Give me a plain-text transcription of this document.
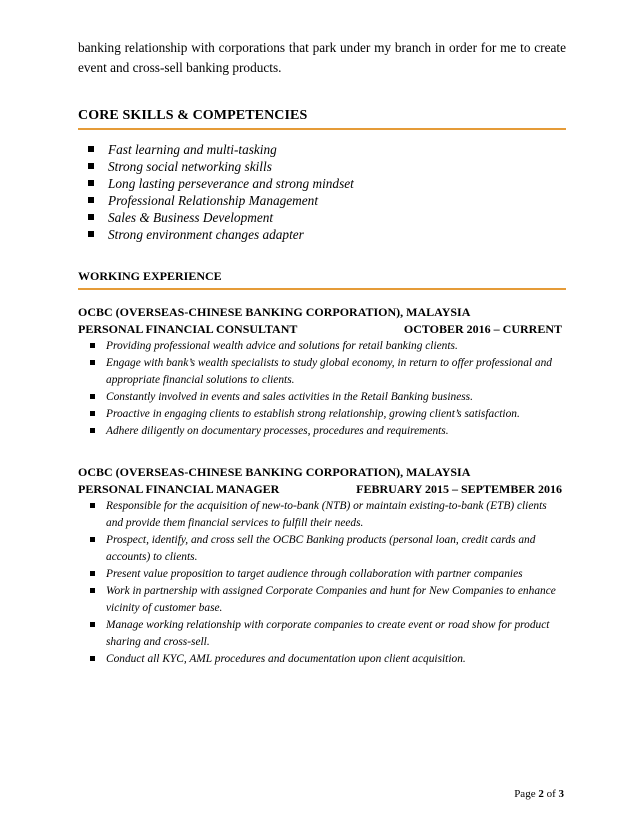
banking relationship with corporations that park under my branch in order for me to create event and cross-sell banking products.

CORE SKILLS & COMPETENCIES
Fast learning and multi-tasking
Strong social networking skills
Long lasting perseverance and strong mindset
Professional Relationship Management
Sales & Business Development
Strong environment changes adapter
WORKING EXPERIENCE

OCBC (OVERSEAS-CHINESE BANKING CORPORATION), MALAYSIA

PERSONAL FINANCIAL CONSULTANT	OCTOBER 2016 – CURRENT

Providing professional wealth advice and solutions for retail banking clients.
Engage with bank’s wealth specialists to study global economy, in return to offer professional and appropriate financial solutions to clients.
Constantly involved in events and sales activities in the Retail Banking business.
Proactive in engaging clients to establish strong relationship, growing client’s satisfaction.
Adhere diligently on documentary processes, procedures and requirements.

OCBC (OVERSEAS-CHINESE BANKING CORPORATION), MALAYSIA

PERSONAL FINANCIAL MANAGER	FEBRUARY 2015 – SEPTEMBER 2016

Responsible for the acquisition of new-to-bank (NTB) or maintain existing-to-bank (ETB) clients and provide them financial services to fulfill their needs.
Prospect, identify, and cross sell the OCBC Banking products (personal loan, credit cards and accounts) to clients.
Present value proposition to target audience through collaboration with partner companies
Work in partnership with assigned Corporate Companies and hunt for New Companies to enhance vicinity of customer base.
Manage working relationship with corporate companies to create event or road show for product sharing and cross-sell.
Conduct all KYC, AML procedures and documentation upon client acquisition.
Page 2 of 3
